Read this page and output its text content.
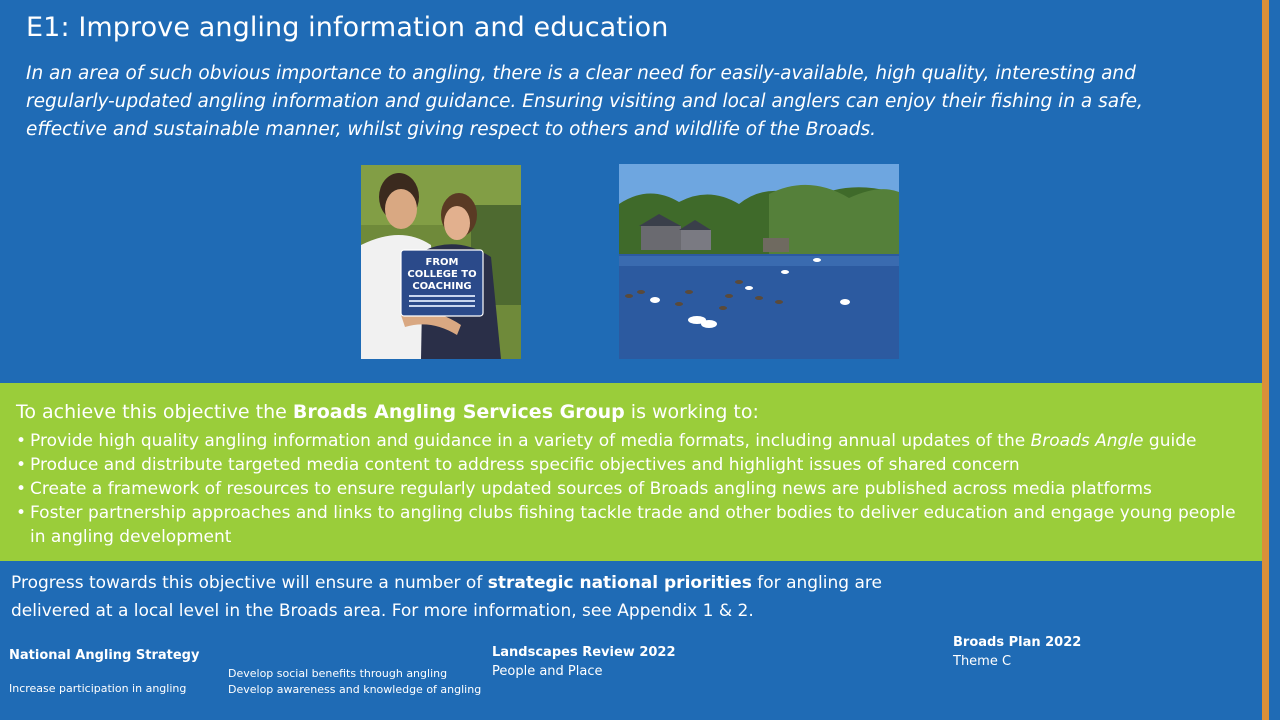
E1: Improve angling information and education
In an area of such obvious importance to angling, there is a clear need for easily-available, high quality, interesting and regularly-updated angling information and guidance. Ensuring visiting and local anglers can enjoy their fishing in a safe, effective and sustainable manner, whilst giving respect to others and wildlife of the Broads.
FROM
COLLEGE TO
COACHING
To achieve this objective the Broads Angling Services Group is working to:
• Provide high quality angling information and guidance in a variety of media formats, including annual updates of the Broads Angle guide
• Produce and distribute targeted media content to address specific objectives and highlight issues of shared concern
• Create a framework of resources to ensure regularly updated sources of Broads angling news are published across media platforms
• Foster partnership approaches and links to angling clubs fishing tackle trade and other bodies to deliver education and engage young people in angling development
Progress towards this objective will ensure a number of strategic national priorities for angling are delivered at a local level in the Broads area. For more information, see Appendix 1 & 2.
National Angling Strategy
Increase participation in angling
Develop social benefits through angling
Develop awareness and knowledge of angling
Landscapes Review 2022
People and Place
Broads Plan 2022
Theme C
